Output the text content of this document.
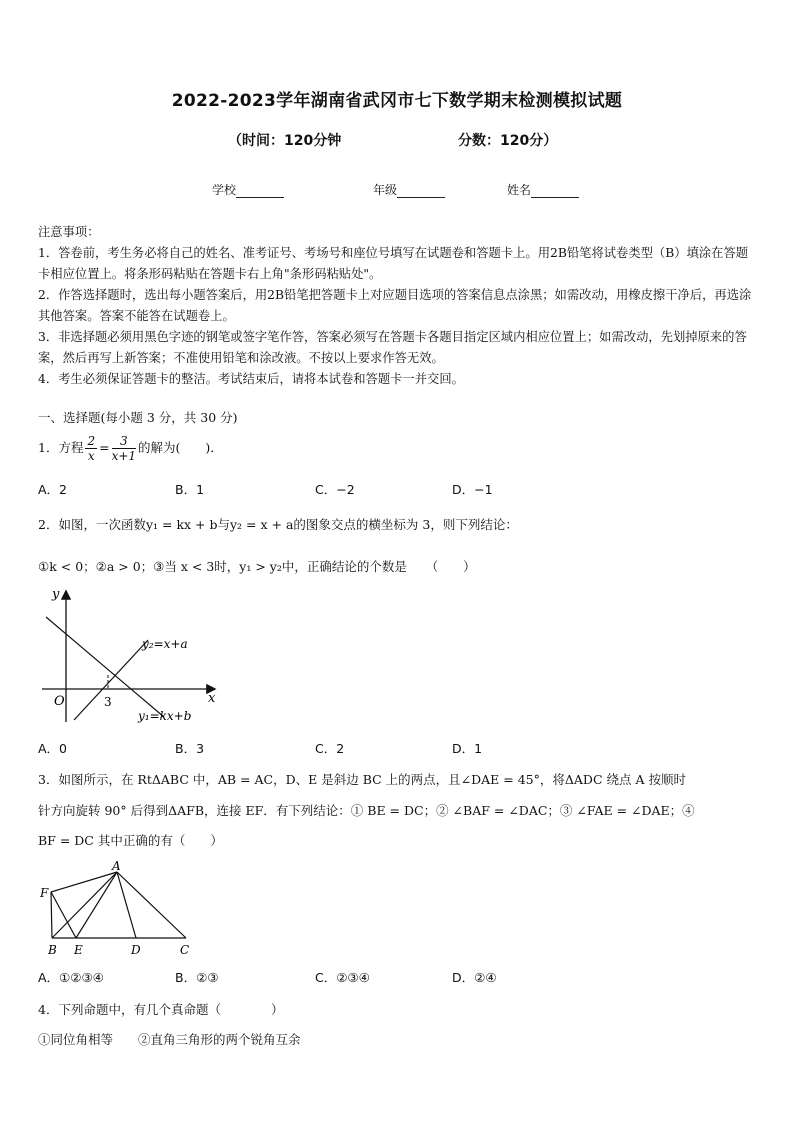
2022-2023学年湖南省武冈市七下数学期末检测模拟试题
（时间：120分钟	分数：120分）
学校	年级	姓名

注意事项：

1．答卷前，考生务必将自己的姓名、准考证号、考场号和座位号填写在试题卷和答题卡上。用2B铅笔将试卷类型（B）填涂在答题卡相应位置上。将条形码粘贴在答题卡右上角"条形码粘贴处"。

2．作答选择题时，选出每小题答案后，用2B铅笔把答题卡上对应题目选项的答案信息点涂黑；如需改动，用橡皮擦干净后，再选涂其他答案。答案不能答在试题卷上。

3．非选择题必须用黑色字迹的钢笔或签字笔作答，答案必须写在答题卡各题目指定区域内相应位置上；如需改动，先划掉原来的答案，然后再写上新答案；不准使用铅笔和涂改液。不按以上要求作答无效。

4．考生必须保证答题卡的整洁。考试结束后，请将本试卷和答题卡一并交回。

一、选择题(每小题 3 分，共 30 分)
1．方程 $\frac{2}{x} = \frac{3}{x+1}$ 的解为(　　)．
A．2	B．1	C．−2	D．−1
2．如图，一次函数y₁ = kx + b与y₂ = x + a的图象交点的横坐标为 3，则下列结论：
①k < 0；②a > 0；③当 x < 3时，y₁ > y₂中，正确结论的个数是　　（　　）
y
x
O	3
y₂=x+a
y₁=kx+b
A．0	B．3	C．2	D．1
3．如图所示，在 RtΔABC 中，AB = AC，D、E 是斜边 BC 上的两点，且∠DAE = 45°，将ΔADC 绕点 A 按顺时
针方向旋转 90° 后得到ΔAFB，连接 EF．有下列结论：① BE = DC；② ∠BAF = ∠DAC；③ ∠FAE = ∠DAE；④
BF = DC 其中正确的有（　　）
A
F
B E	D	C
A．①②③④	B．②③	C．②③④	D．②④
4．下列命题中，有几个真命题（　　　　）
①同位角相等　　②直角三角形的两个锐角互余
